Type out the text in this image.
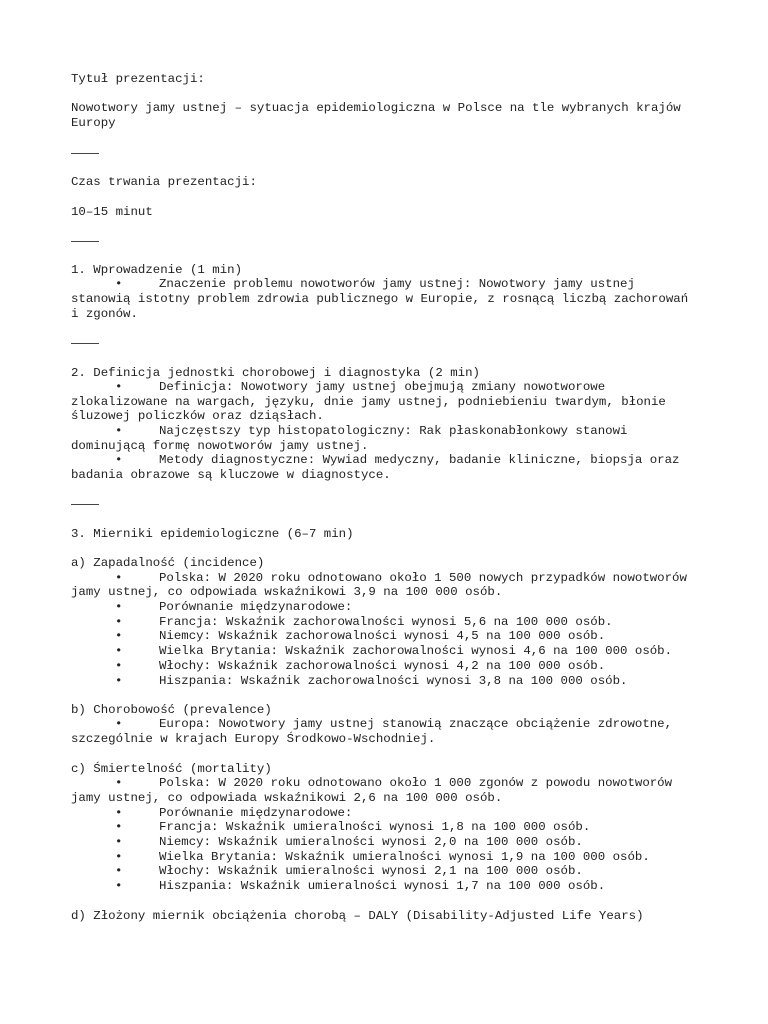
Tytuł prezentacji:
Nowotwory jamy ustnej – sytuacja epidemiologiczna w Polsce na tle wybranych krajów
Europy
Czas trwania prezentacji:
10–15 minut
1. Wprowadzenie (1 min)
•	Znaczenie problemu nowotworów jamy ustnej: Nowotwory jamy ustnej
stanowią istotny problem zdrowia publicznego w Europie, z rosnącą liczbą zachorowań
i zgonów.
2. Definicja jednostki chorobowej i diagnostyka (2 min)
•	Definicja: Nowotwory jamy ustnej obejmują zmiany nowotworowe
zlokalizowane na wargach, języku, dnie jamy ustnej, podniebieniu twardym, błonie
śluzowej policzków oraz dziąsłach.
•	Najczęstszy typ histopatologiczny: Rak płaskonabłonkowy stanowi
dominującą formę nowotworów jamy ustnej.
•	Metody diagnostyczne: Wywiad medyczny, badanie kliniczne, biopsja oraz
badania obrazowe są kluczowe w diagnostyce.
3. Mierniki epidemiologiczne (6–7 min)
a) Zapadalność (incidence)
•	Polska: W 2020 roku odnotowano około 1 500 nowych przypadków nowotworów
jamy ustnej, co odpowiada wskaźnikowi 3,9 na 100 000 osób.
•	Porównanie międzynarodowe:
•	Francja: Wskaźnik zachorowalności wynosi 5,6 na 100 000 osób.
•	Niemcy: Wskaźnik zachorowalności wynosi 4,5 na 100 000 osób.
•	Wielka Brytania: Wskaźnik zachorowalności wynosi 4,6 na 100 000 osób.
•	Włochy: Wskaźnik zachorowalności wynosi 4,2 na 100 000 osób.
•	Hiszpania: Wskaźnik zachorowalności wynosi 3,8 na 100 000 osób.
b) Chorobowość (prevalence)
•	Europa: Nowotwory jamy ustnej stanowią znaczące obciążenie zdrowotne,
szczególnie w krajach Europy Środkowo-Wschodniej.
c) Śmiertelność (mortality)
•	Polska: W 2020 roku odnotowano około 1 000 zgonów z powodu nowotworów
jamy ustnej, co odpowiada wskaźnikowi 2,6 na 100 000 osób.
•	Porównanie międzynarodowe:
•	Francja: Wskaźnik umieralności wynosi 1,8 na 100 000 osób.
•	Niemcy: Wskaźnik umieralności wynosi 2,0 na 100 000 osób.
•	Wielka Brytania: Wskaźnik umieralności wynosi 1,9 na 100 000 osób.
•	Włochy: Wskaźnik umieralności wynosi 2,1 na 100 000 osób.
•	Hiszpania: Wskaźnik umieralności wynosi 1,7 na 100 000 osób.
d) Złożony miernik obciążenia chorobą – DALY (Disability-Adjusted Life Years)
